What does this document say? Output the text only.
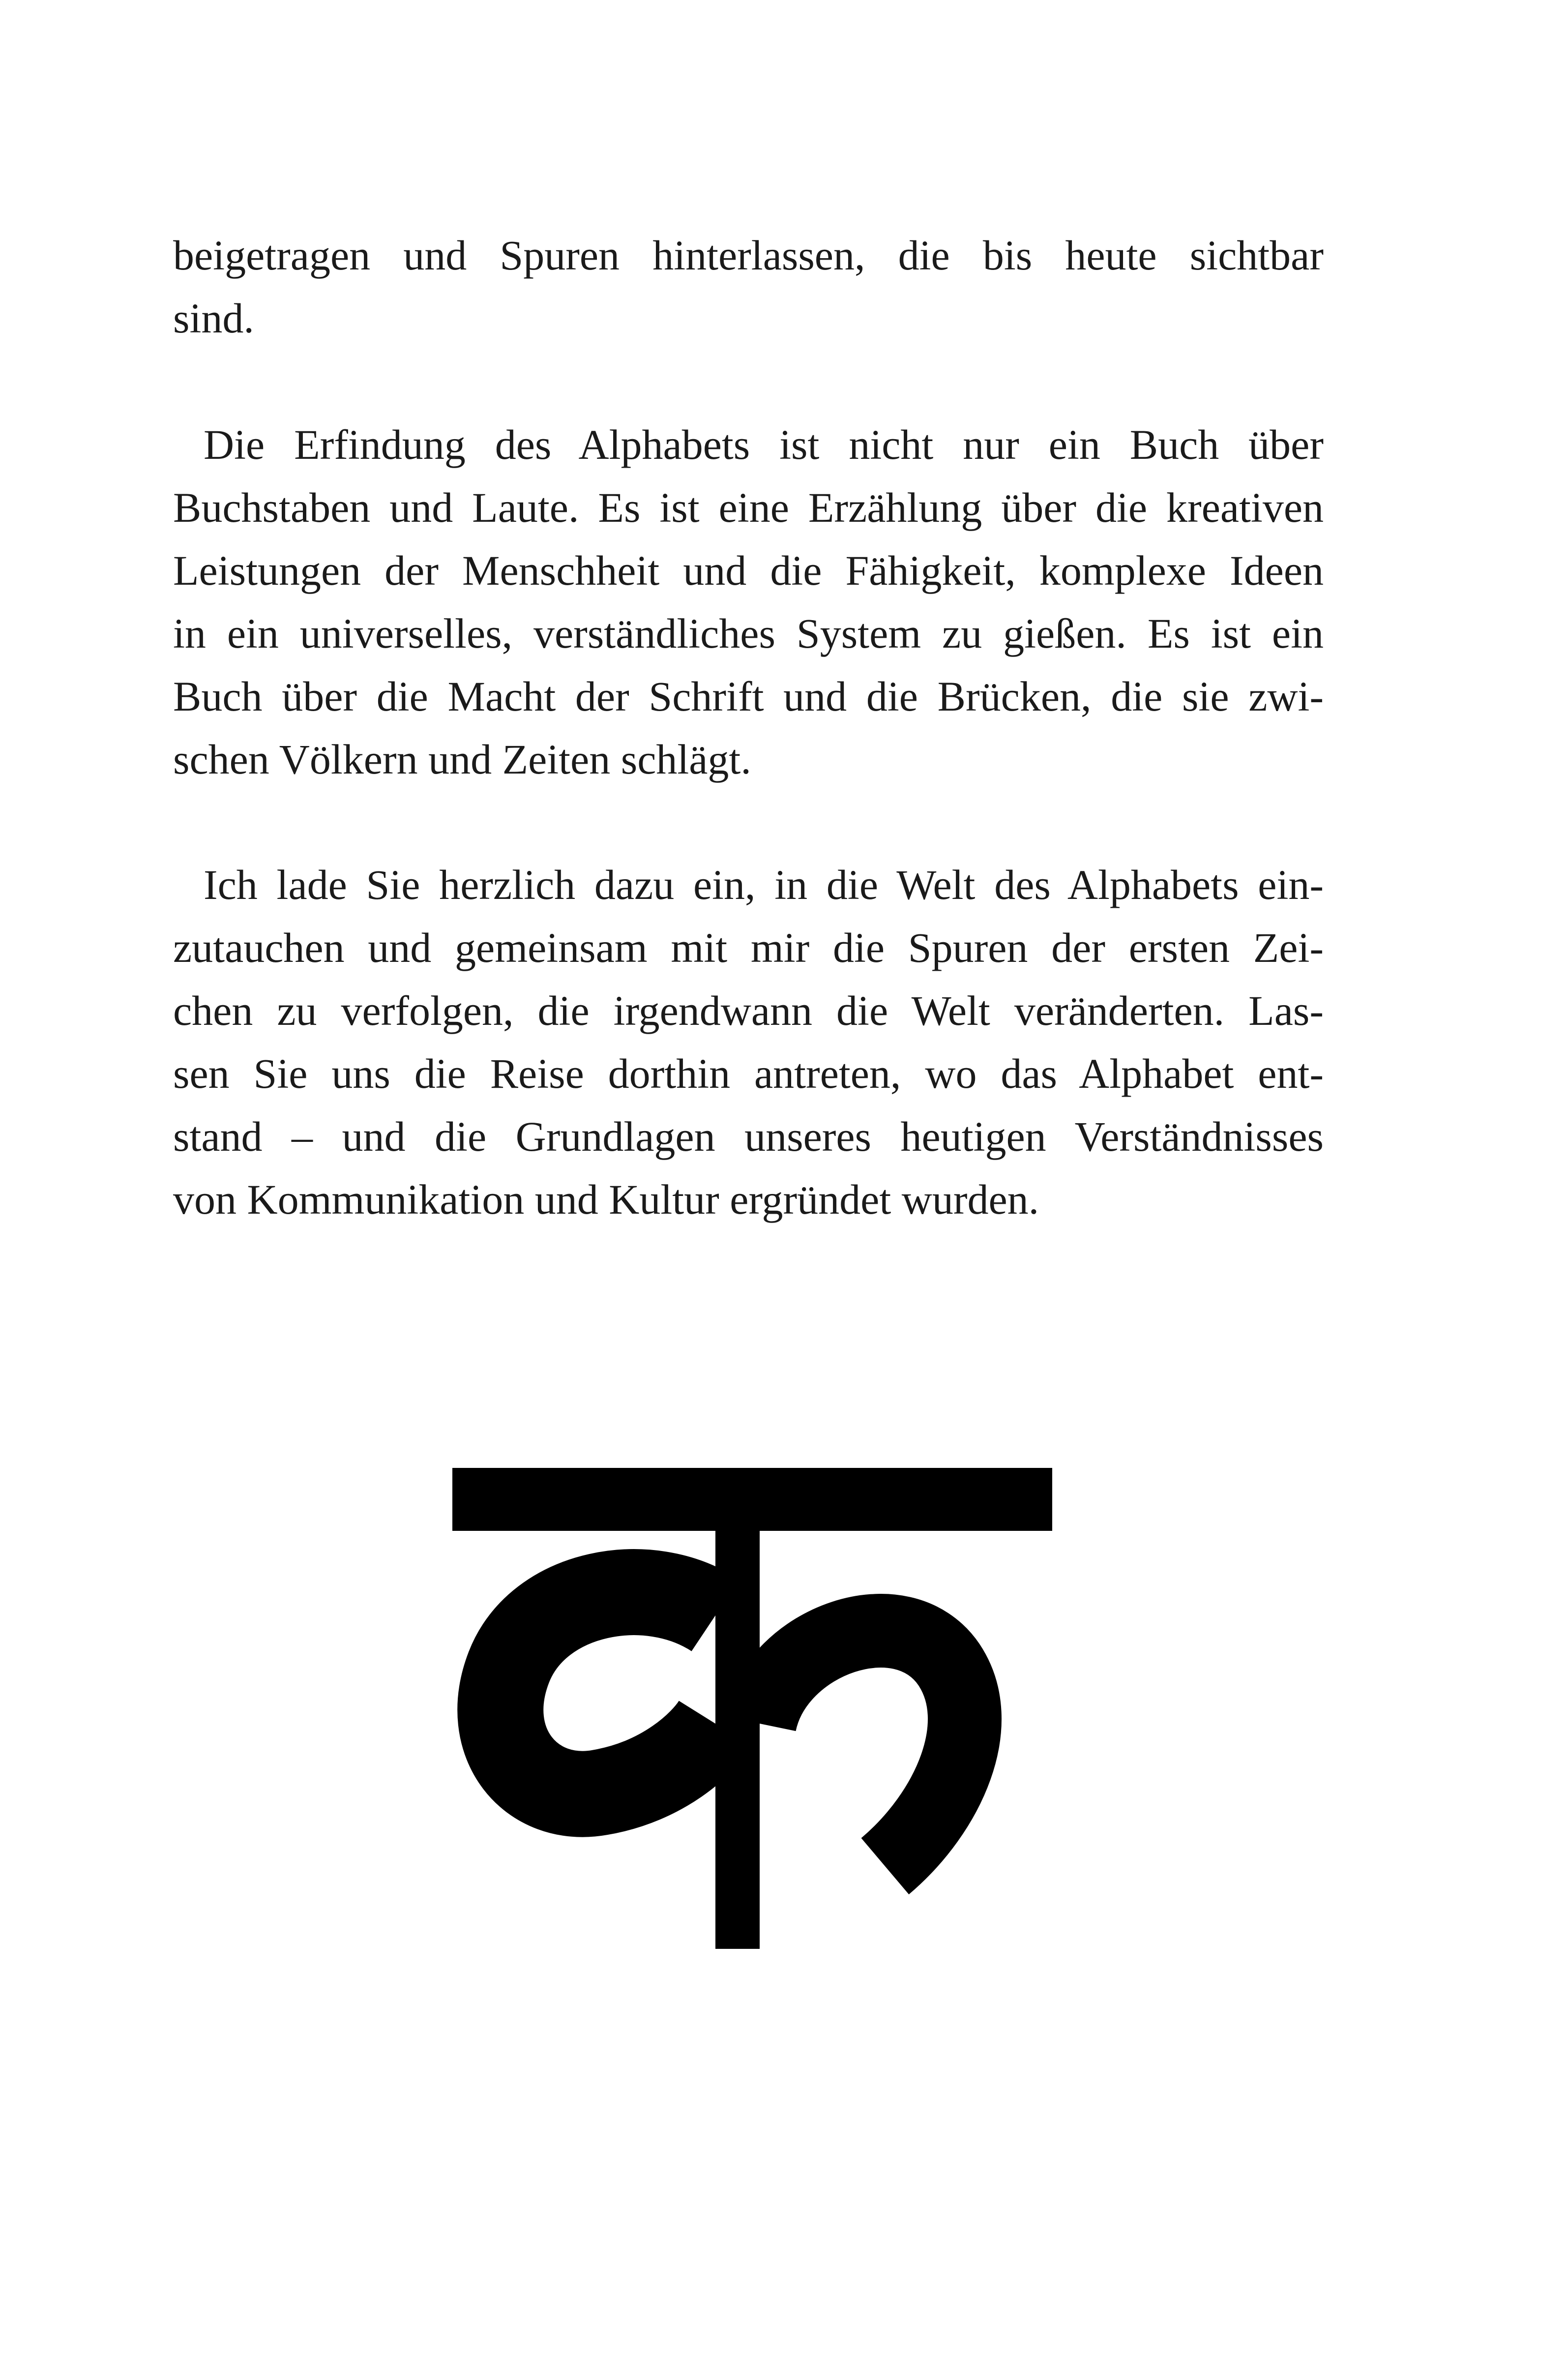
beigetragen und Spuren hinterlassen, die bis heute sichtbar
sind.
Die Erfindung des Alphabets ist nicht nur ein Buch über
Buchstaben und Laute. Es ist eine Erzählung über die kreativen
Leistungen der Menschheit und die Fähigkeit, komplexe Ideen
in ein universelles, verständliches System zu gießen. Es ist ein
Buch über die Macht der Schrift und die Brücken, die sie zwi-
schen Völkern und Zeiten schlägt.
Ich lade Sie herzlich dazu ein, in die Welt des Alphabets ein-
zutauchen und gemeinsam mit mir die Spuren der ersten Zei-
chen zu verfolgen, die irgendwann die Welt veränderten. Las-
sen Sie uns die Reise dorthin antreten, wo das Alphabet ent-
stand – und die Grundlagen unseres heutigen Verständnisses
von Kommunikation und Kultur ergründet wurden.
